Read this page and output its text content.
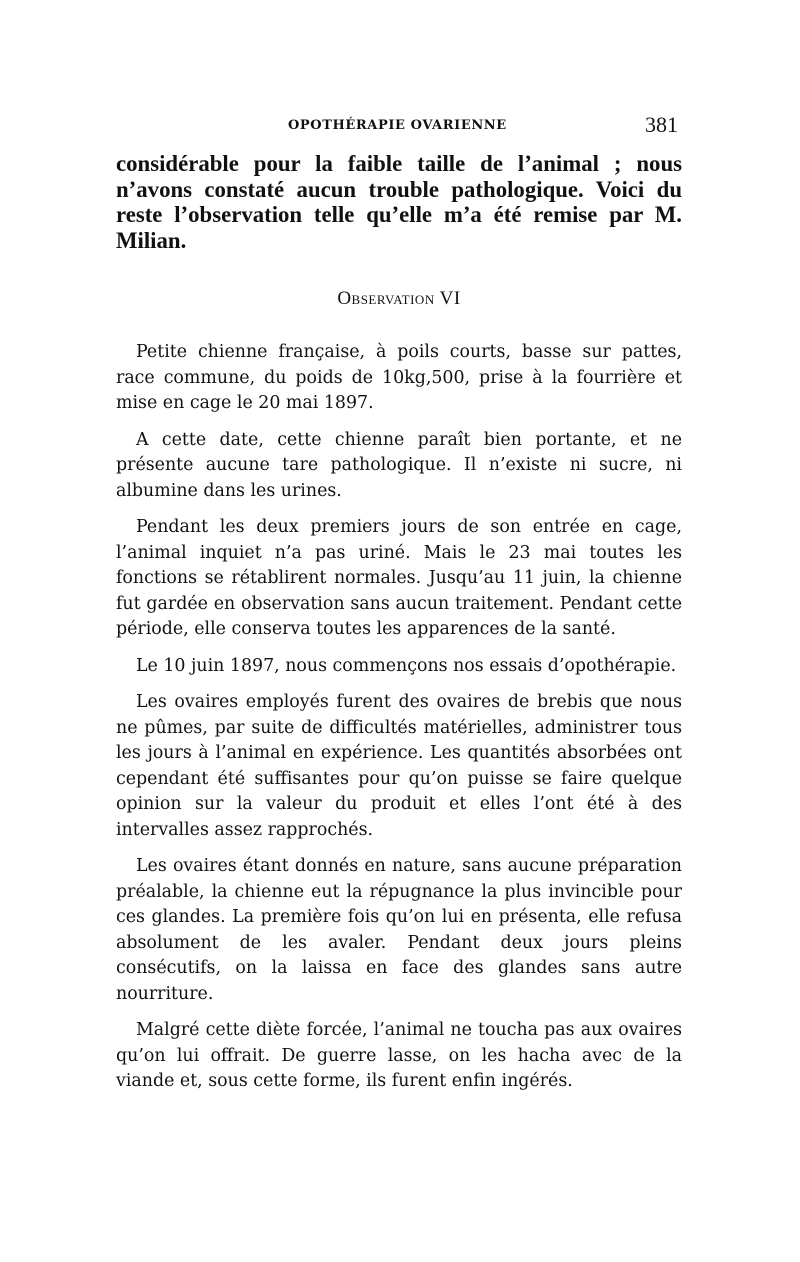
OPOTHÉRAPIE OVARIENNE	381

considérable pour la faible taille de l’animal ; nous n’avons constaté aucun trouble pathologique. Voici du reste l’observation telle qu’elle m’a été remise par M. Milian.

Observation VI

Petite chienne française, à poils courts, basse sur pattes, race commune, du poids de 10kg,500, prise à la fourrière et mise en cage le 20 mai 1897.

A cette date, cette chienne paraît bien portante, et ne présente aucune tare pathologique. Il n’existe ni sucre, ni albumine dans les urines.

Pendant les deux premiers jours de son entrée en cage, l’animal inquiet n’a pas uriné. Mais le 23 mai toutes les fonctions se rétablirent normales. Jusqu’au 11 juin, la chienne fut gardée en observation sans aucun traitement. Pendant cette période, elle conserva toutes les apparences de la santé.

Le 10 juin 1897, nous commençons nos essais d’opothérapie.

Les ovaires employés furent des ovaires de brebis que nous ne pûmes, par suite de difficultés matérielles, administrer tous les jours à l’animal en expérience. Les quantités absorbées ont cependant été suffisantes pour qu’on puisse se faire quelque opinion sur la valeur du produit et elles l’ont été à des intervalles assez rapprochés.

Les ovaires étant donnés en nature, sans aucune préparation préalable, la chienne eut la répugnance la plus invincible pour ces glandes. La première fois qu’on lui en présenta, elle refusa absolument de les avaler. Pendant deux jours pleins consécutifs, on la laissa en face des glandes sans autre nourriture.

Malgré cette diète forcée, l’animal ne toucha pas aux ovaires qu’on lui offrait. De guerre lasse, on les hacha avec de la viande et, sous cette forme, ils furent enfin ingérés.
